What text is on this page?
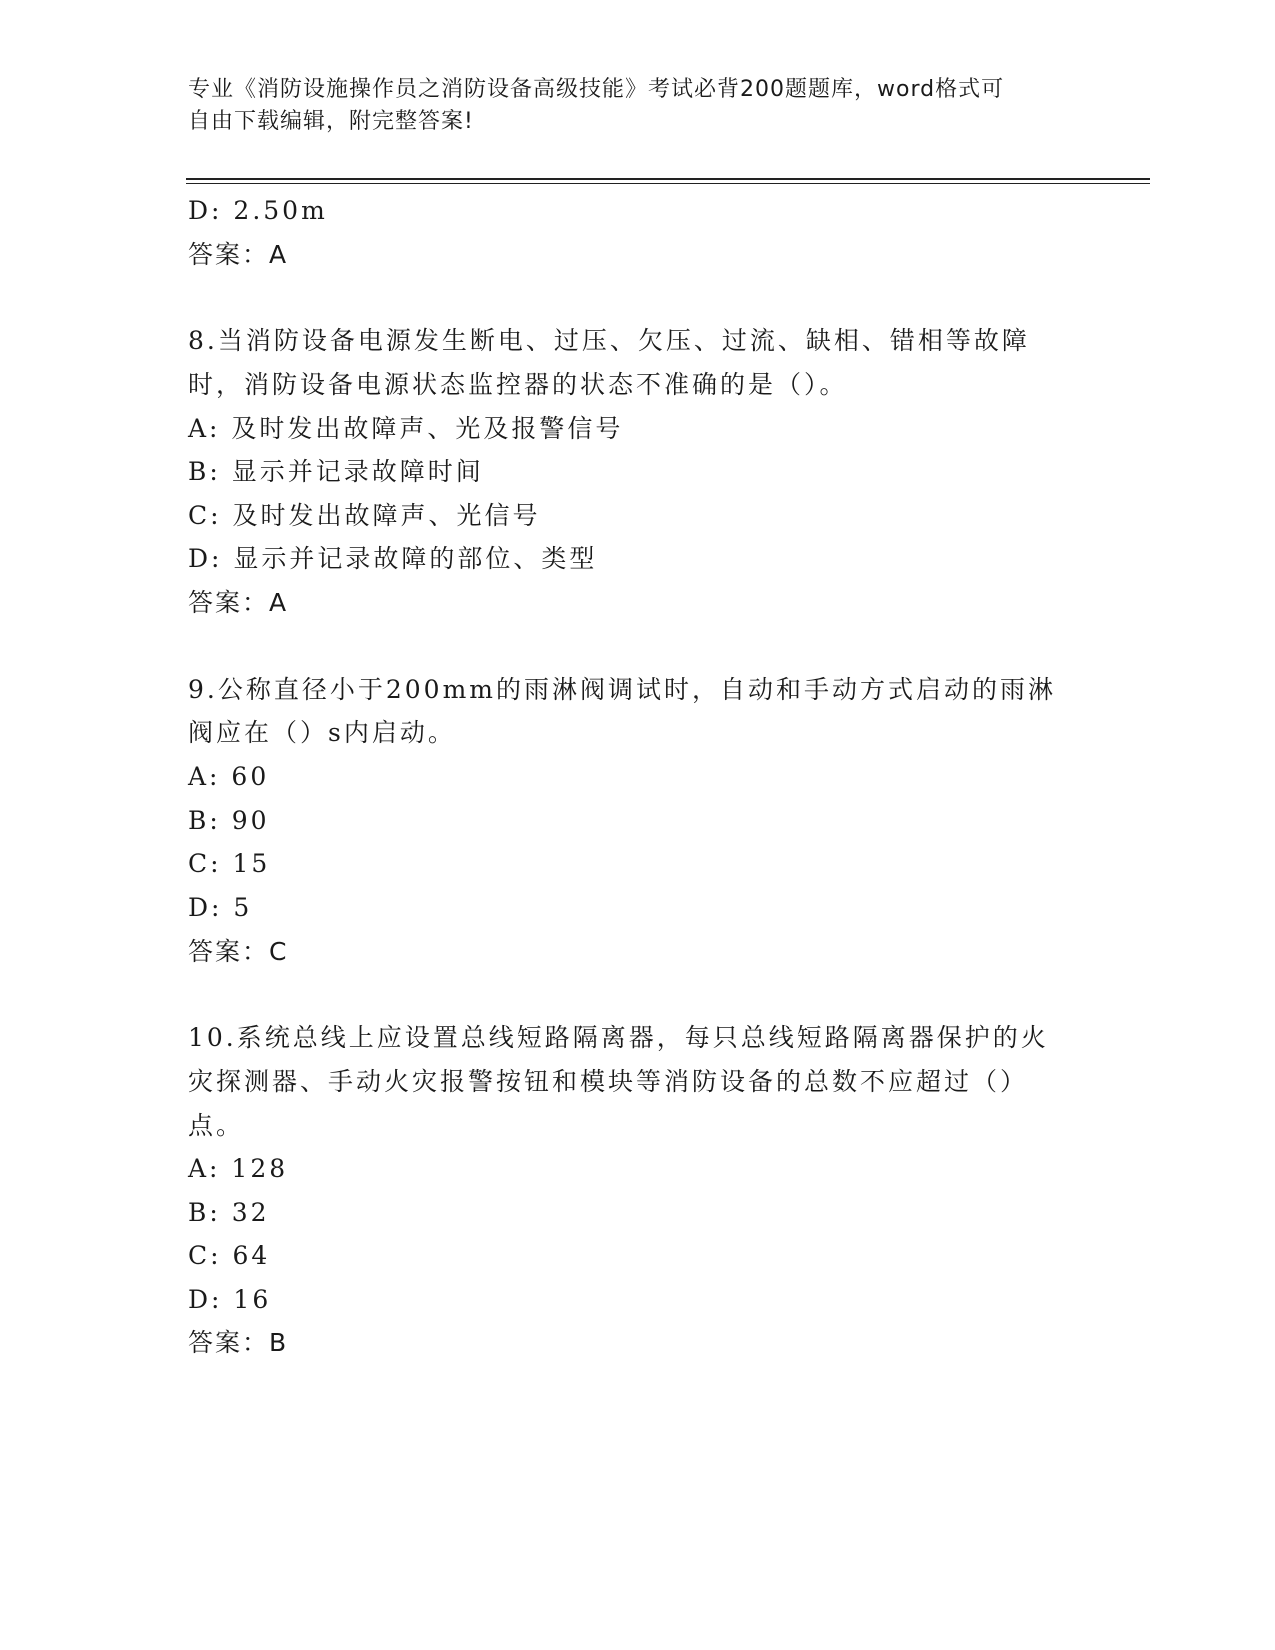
专业《消防设施操作员之消防设备高级技能》考试必背200题题库，word格式可
自由下载编辑，附完整答案!
D: 2.50m
答案：A
8.当消防设备电源发生断电、过压、欠压、过流、缺相、错相等故障
时，消防设备电源状态监控器的状态不准确的是（）。
A: 及时发出故障声、光及报警信号
B: 显示并记录故障时间
C: 及时发出故障声、光信号
D: 显示并记录故障的部位、类型
答案：A
9.公称直径小于200mm的雨淋阀调试时，自动和手动方式启动的雨淋
阀应在（）s内启动。
A: 60
B: 90
C: 15
D: 5
答案：C
10.系统总线上应设置总线短路隔离器，每只总线短路隔离器保护的火
灾探测器、手动火灾报警按钮和模块等消防设备的总数不应超过（）
点。
A: 128
B: 32
C: 64
D: 16
答案：B
